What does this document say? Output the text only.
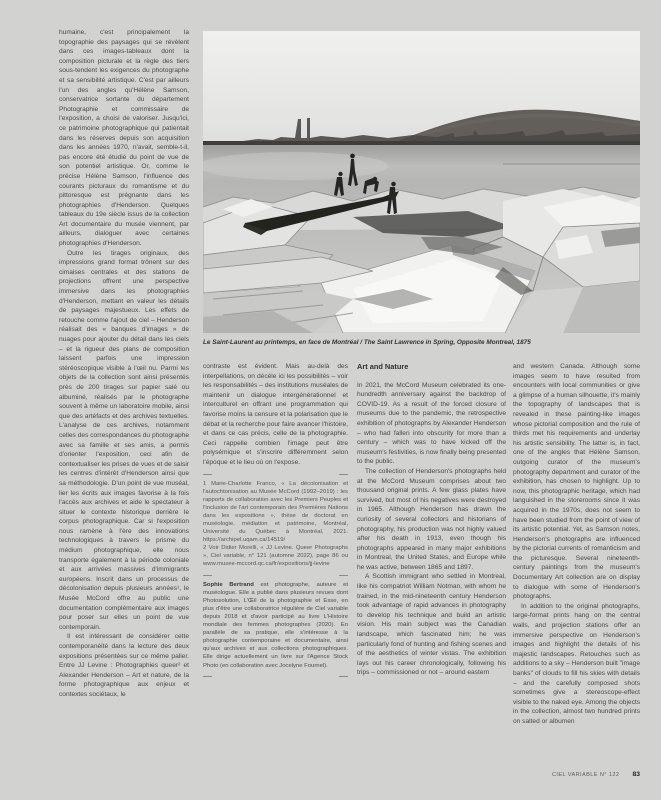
humaine, c'est principalement la topographie des paysages qui se révèlent dans ces images-tableaux dont la composition picturale et la règle des tiers sous-tendent les exigences du photographe et sa sensibilité artistique. C'est par ailleurs l'un des angles qu'Hélène Samson, conservatrice sortante du département Photographie et commissaire de l'exposition, a choisi de valoriser. Jusqu'ici, ce patrimoine photographique qui patientait dans les réserves depuis son acquisition dans les années 1970, n'avait, semble-t-il, pas encore été étudié du point de vue de son potentiel artistique. Or, comme le précise Hélène Samson, l'influence des courants picturaux du romantisme et du pittoresque est prégnante dans les photographies d'Henderson. Quelques tableaux du 19e siècle issus de la collection Art documentaire du musée viennent, par ailleurs, dialoguer avec certaines photographies d'Henderson.

Outre les tirages originaux, des impressions grand format trônent sur des cimaises centrales et des stations de projections offrent une perspective immersive dans les photographies d'Henderson, mettant en valeur les détails de paysages majestueux. Les effets de retouche comme l'ajout de ciel – Henderson réalisait des « banques d'images » de nuages pour ajouter du détail dans les ciels – et la rigueur des plans de composition laissent parfois une impression stéréoscopique visible à l'œil nu. Parmi les objets de la collection sont ainsi présentés près de 200 tirages sur papier salé ou albuminé, réalisés par le photographe souvent à même un laboratoire mobile, ainsi que des artéfacts et des archives textuelles. L'analyse de ces archives, notamment celles des correspondances du photographe avec sa famille et ses amis, a permis d'orienter l'exposition, ceci afin de contextualiser les prises de vues et de saisir les centres d'intérêt d'Henderson ainsi que sa méthodologie. D'un point de vue muséal, lier les écrits aux images favorise à la fois l'accès aux archives et aide le spectateur à situer le contexte historique derrière le corpus photographique. Car si l'exposition nous ramène à l'ère des innovations technologiques à travers le prisme du médium photographique, elle nous transporte également à la période coloniale et aux arrivées massives d'immigrants européens. Inscrit dans un processus de décolonisation depuis plusieurs années¹, le Musée McCord offre au public une documentation complémentaire aux images pour poser sur elles un point de vue contemporain.

Il est intéressant de considérer cette contemporanéité dans la lecture des deux expositions présentées sur ce même palier. Entre JJ Levine : Photographies queer² et Alexander Henderson – Art et nature, de la forme photographique aux enjeux et contextes sociétaux, le

Le Saint-Laurent au printemps, en face de Montréal / The Saint Lawrence in Spring, Opposite Montreal, 1875

contraste est évident. Mais au-delà des interpellations, on décèle ici les possibilités – voir les responsabilités – des institutions muséales de maintenir un dialogue intergénérationnel et interculturel en offrant une programmation qui favorise moins la censure et la polarisation que le débat et la recherche pour faire avancer l'histoire, et dans ce cas précis, celle de la photographie. Ceci rappelle combien l'image peut être polysémique et s'inscrire différemment selon l'époque et le lieu où on l'expose.

1 Marie-Charlotte Franco, « La décolonisation et l'autochtonisation au Musée McCord (1992–2019) : les rapports de collaboration avec les Premiers Peuples et l'inclusion de l'art contemporain des Premières Nations dans les expositions », thèse de doctorat en muséologie, médiation et patrimoine, Montréal, Université du Québec à Montréal, 2021. https://archipel.uqam.ca/14519/

2 Voir Didier Morelli, « JJ Levine. Queer Photographs », Ciel variable, n° 121 (automne 2022), page 86 ou www.musee-mccord.qc.ca/fr/expositions/jj-levine

Sophie Bertrand est photographe, auteure et muséologue. Elle a publié dans plusieurs revues dont Photosolution, L'Œil de la photographie et Esse, en plus d'être une collaboratrice régulière de Ciel variable depuis 2018 et d'avoir participé au livre L'Histoire mondiale des femmes photographes (2020). En parallèle de sa pratique, elle s'intéresse à la photographie contemporaine et documentaire, ainsi qu'aux archives et aux collections photographiques. Elle dirige actuellement un livre sur l'Agence Stock Photo (en collaboration avec Jocelyne Fournel).

Art and Nature

In 2021, the McCord Museum celebrated its one-hundredth anniversary against the backdrop of COVID-19. As a result of the forced closure of museums due to the pandemic, the retrospective exhibition of photographs by Alexander Henderson – who had fallen into obscurity for more than a century – which was to have kicked off the museum's festivities, is now finally being presented to the public.

The collection of Henderson's photographs held at the McCord Museum comprises about two thousand original prints. A few glass plates have survived, but most of his negatives were destroyed in 1965. Although Henderson has drawn the curiosity of several collectors and historians of photography, his production was not highly valued after his death in 1913, even though his photographs appeared in many major exhibitions in Montreal, the United States, and Europe while he was active, between 1865 and 1897.

A Scottish immigrant who settled in Montreal, like his compatriot William Notman, with whom he trained, in the mid-nineteenth century Henderson took advantage of rapid advances in photography to develop his technique and build an artistic vision. His main subject was the Canadian landscape, which fascinated him; he was particularly fond of hunting and fishing scenes and of the aesthetics of winter vistas. The exhibition lays out his career chronologically, following his trips – commissioned or not – around eastern

and western Canada. Although some images seem to have resulted from encounters with local communities or give a glimpse of a human silhouette, it's mainly the topography of landscapes that is revealed in these painting-like images whose pictorial composition and the rule of thirds met his requirements and underlay his artistic sensibility. The latter is, in fact, one of the angles that Hélène Samson, outgoing curator of the museum's photography department and curator of the exhibition, has chosen to highlight. Up to now, this photographic heritage, which had languished in the storerooms since it was acquired in the 1970s, does not seem to have been studied from the point of view of its artistic potential. Yet, as Samson notes, Henderson's photographs are influenced by the pictorial currents of romanticism and the picturesque. Several nineteenth-century paintings from the museum's Documentary Art collection are on display to dialogue with some of Henderson's photographs.

In addition to the original photographs, large-format prints hang on the central walls, and projection stations offer an immersive perspective on Henderson's images and highlight the details of his majestic landscapes. Retouches such as additions to a sky – Henderson built "image banks" of clouds to fill his skies with details – and the carefully composed shots sometimes give a stereoscope-effect visible to the naked eye. Among the objects in the collection, almost two hundred prints on salted or albumen

CIEL VARIABLE N° 122 83
